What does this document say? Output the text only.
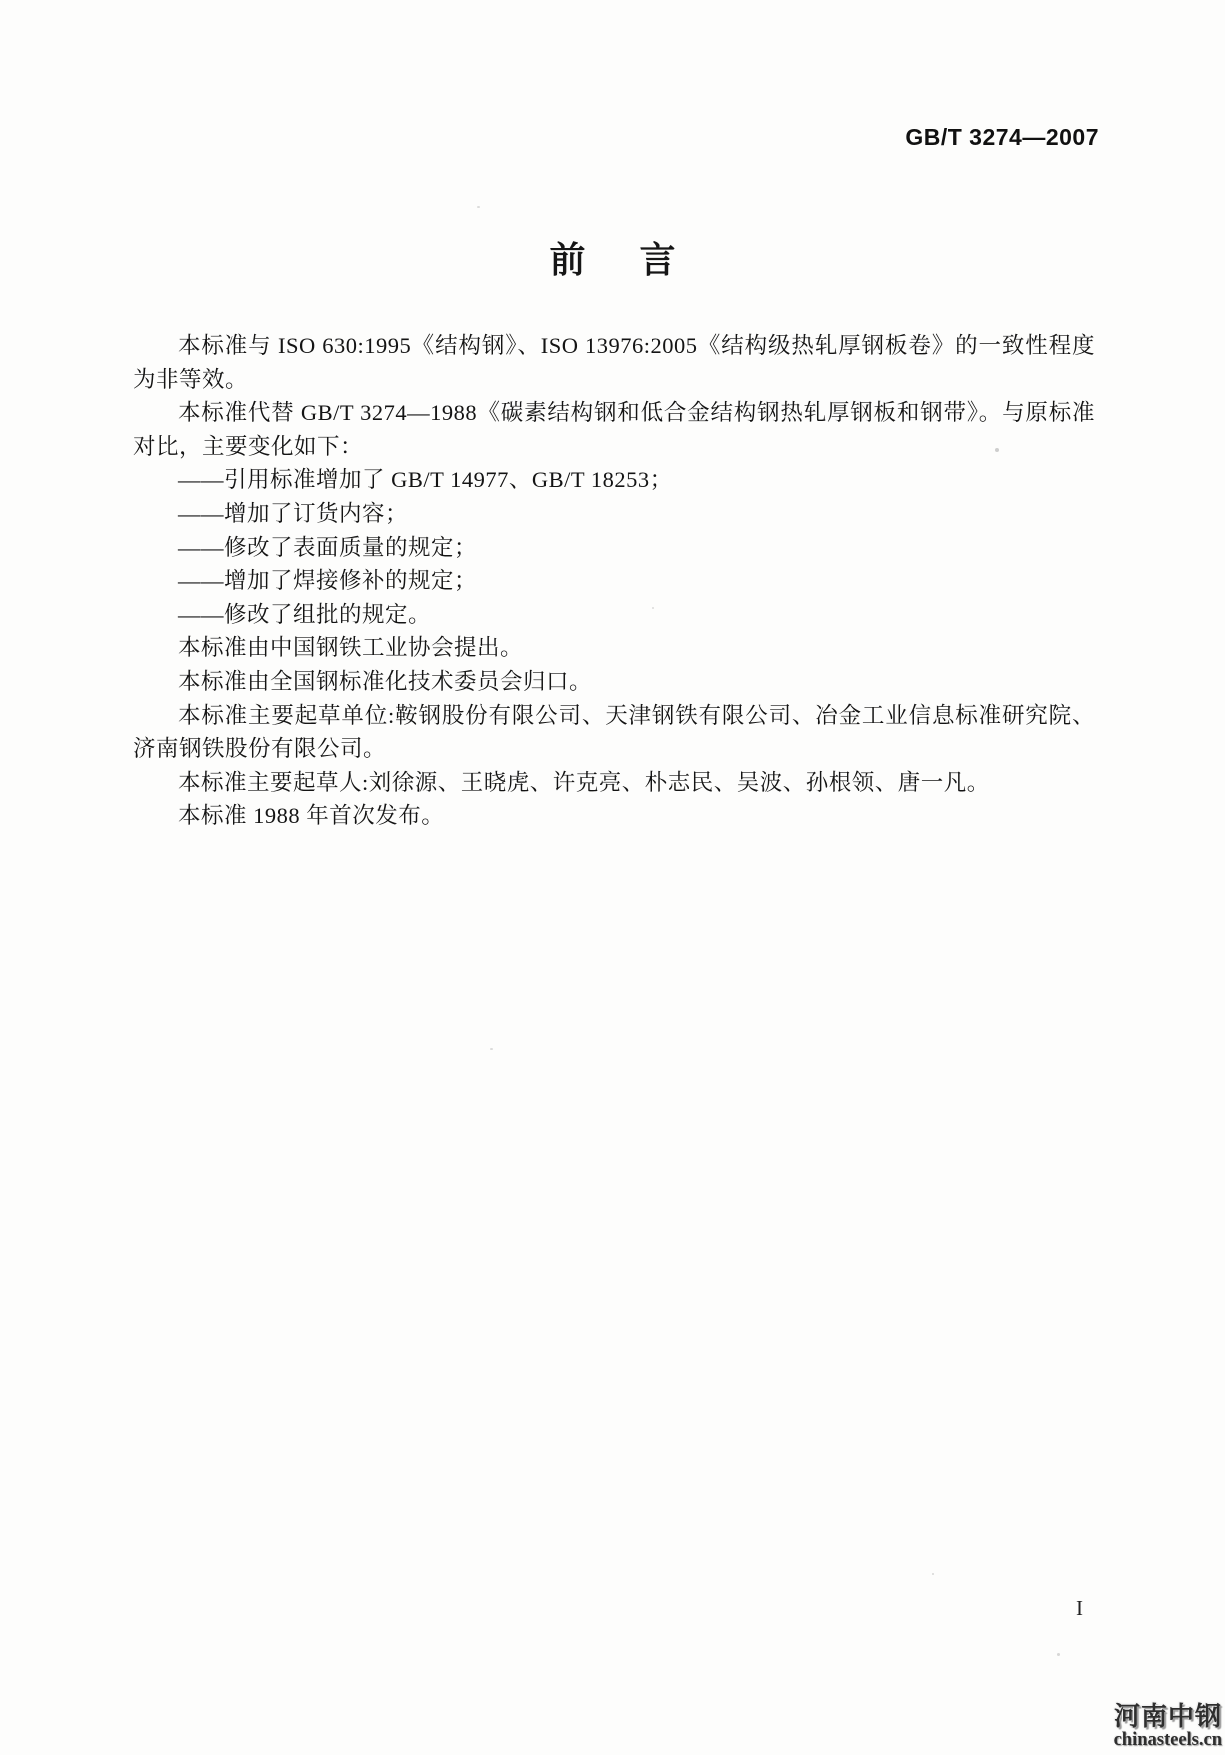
GB/T 3274—2007
前言

本标准与 ISO 630:1995《结构钢》、ISO 13976:2005《结构级热轧厚钢板卷》的一致性程度为非等效。

本标准代替 GB/T 3274—1988《碳素结构钢和低合金结构钢热轧厚钢板和钢带》。与原标准对比，主要变化如下：

——引用标准增加了 GB/T 14977、GB/T 18253；

——增加了订货内容；

——修改了表面质量的规定；

——增加了焊接修补的规定；

——修改了组批的规定。

本标准由中国钢铁工业协会提出。

本标准由全国钢标准化技术委员会归口。

本标准主要起草单位:鞍钢股份有限公司、天津钢铁有限公司、冶金工业信息标准研究院、济南钢铁股份有限公司。

本标准主要起草人:刘徐源、王晓虎、许克亮、朴志民、吴波、孙根领、唐一凡。

本标准 1988 年首次发布。

I
河南中钢
chinasteels.cn
